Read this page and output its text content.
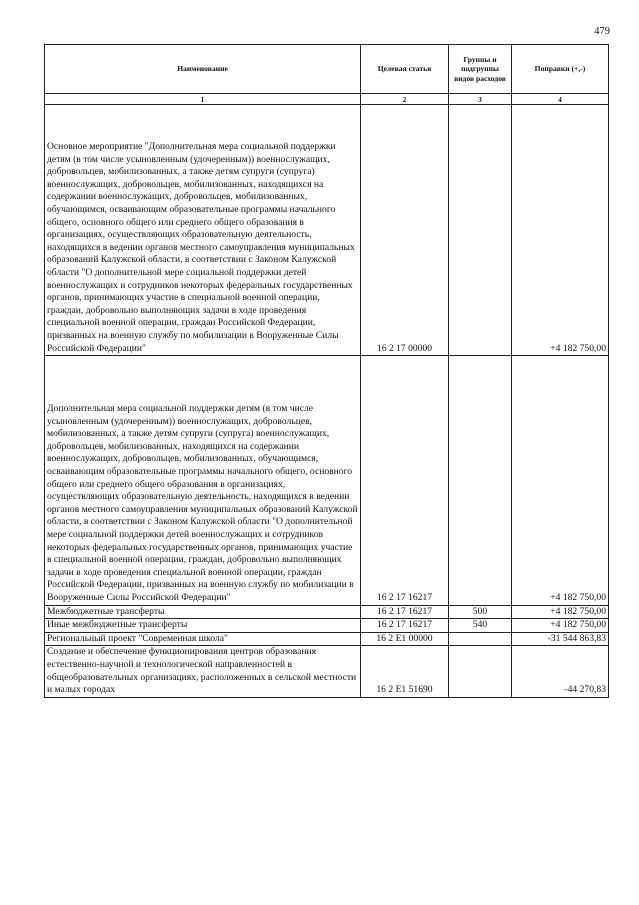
479
Наименование	Целевая статья	Группы и подгруппы видов расходов	Поправки (+,-)
1	2	3	4
Основное мероприятие "Дополнительная мера социальной поддержки детям (в том числе усыновленным (удочеренным)) военнослужащих, добровольцев, мобилизованных, а также детям супруги (супруга) военнослужащих, добровольцев, мобилизованных, находящихся на содержании военнослужащих, добровольцев, мобилизованных, обучающимся, осваивающим образовательные программы начального общего, основного общего или среднего общего образования в организациях, осуществляющих образовательную деятельность, находящихся в ведении органов местного самоуправления муниципальных образований Калужской области, в соответствии с Законом Калужской области "О дополнительной мере социальной поддержки детей военнослужащих и сотрудников некоторых федеральных государственных органов, принимающих участие в специальной военной операции, граждан, добровольно выполняющих задачи в ходе проведения специальной военной операции, граждан Российской Федерации, призванных на военную службу по мобилизации в Вооруженные Силы Российской Федерации"	16 2 17 00000		+4 182 750,00
Дополнительная мера социальной поддержки детям (в том числе усыновленным (удочеренным)) военнослужащих, добровольцев, мобилизованных, а также детям супруги (супруга) военнослужащих, добровольцев, мобилизованных, находящихся на содержании военнослужащих, добровольцев, мобилизованных, обучающимся, осваивающим образовательные программы начального общего, основного общего или среднего общего образования в организациях, осуществляющих образовательную деятельность, находящихся в ведении органов местного самоуправления муниципальных образований Калужской области, в соответствии с Законом Калужской области "О дополнительной мере социальной поддержки детей военнослужащих и сотрудников некоторых федеральных государственных органов, принимающих участие в специальной военной операции, граждан, добровольно выполняющих задачи в ходе проведения специальной военной операции, граждан Российской Федерации, призванных на военную службу по мобилизации в Вооруженные Силы Российской Федерации"	16 2 17 16217		+4 182 750,00
Межбюджетные трансферты	16 2 17 16217	500	+4 182 750,00
Иные межбюджетные трансферты	16 2 17 16217	540	+4 182 750,00
Региональный проект "Современная школа"	16 2 E1 00000		-31 544 863,83
Создание и обеспечение функционирования центров образования естественно-научной и технологической направленностей в общеобразовательных организациях, расположенных в сельской местности и малых городах	16 2 E1 51690		-44 270,83
